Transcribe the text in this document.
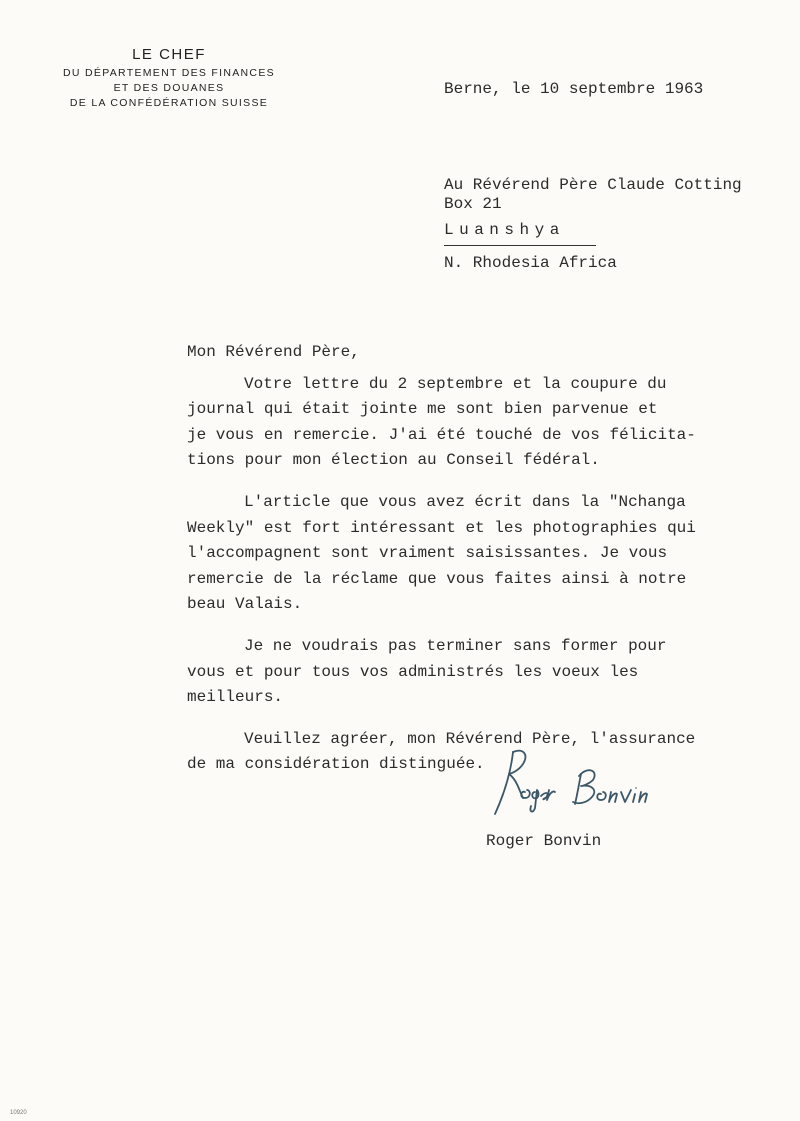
LE CHEF
DU DÉPARTEMENT DES FINANCES
ET DES DOUANES
DE LA CONFÉDÉRATION SUISSE
Berne, le 10 septembre 1963
Au Révérend Père Claude Cotting
Box 21
Luanshya
N. Rhodesia Africa

Mon Révérend Père,

Votre lettre du 2 septembre et la coupure du
journal qui était jointe me sont bien parvenue et
je vous en remercie. J'ai été touché de vos félicita-
tions pour mon élection au Conseil fédéral.

L'article que vous avez écrit dans la "Nchanga
Weekly" est fort intéressant et les photographies qui
l'accompagnent sont vraiment saisissantes. Je vous
remercie de la réclame que vous faites ainsi à notre
beau Valais.

Je ne voudrais pas terminer sans former pour
vous et pour tous vos administrés les voeux les
meilleurs.

Veuillez agréer, mon Révérend Père, l'assurance
de ma considération distinguée.

Roger Bonvin
10920
